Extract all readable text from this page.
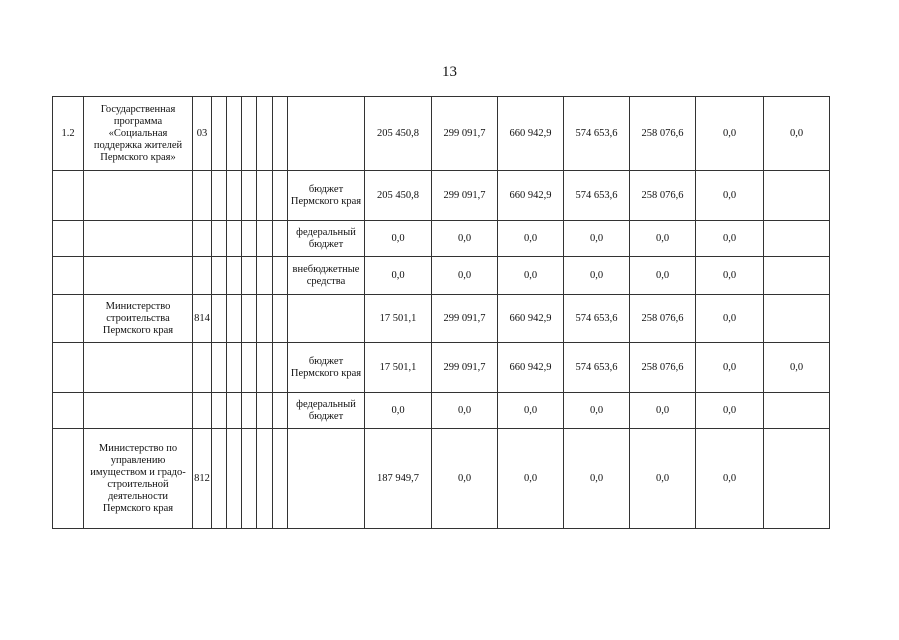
13
1.2	Государственная программа «Социальная поддержка жителей Пермского края»	03							205 450,8	299 091,7	660 942,9	574 653,6	258 076,6	0,0	0,0
								бюджет Пермского края	205 450,8	299 091,7	660 942,9	574 653,6	258 076,6	0,0	
								федеральный бюджет	0,0	0,0	0,0	0,0	0,0	0,0	
								внебюджетные средства	0,0	0,0	0,0	0,0	0,0	0,0	
	Министерство строительства Пермского края	814							17 501,1	299 091,7	660 942,9	574 653,6	258 076,6	0,0	
								бюджет Пермского края	17 501,1	299 091,7	660 942,9	574 653,6	258 076,6	0,0	0,0
								федеральный бюджет	0,0	0,0	0,0	0,0	0,0	0,0	
	Министерство по управлению имуществом и градо-строительной деятельности Пермского края	812							187 949,7	0,0	0,0	0,0	0,0	0,0	
